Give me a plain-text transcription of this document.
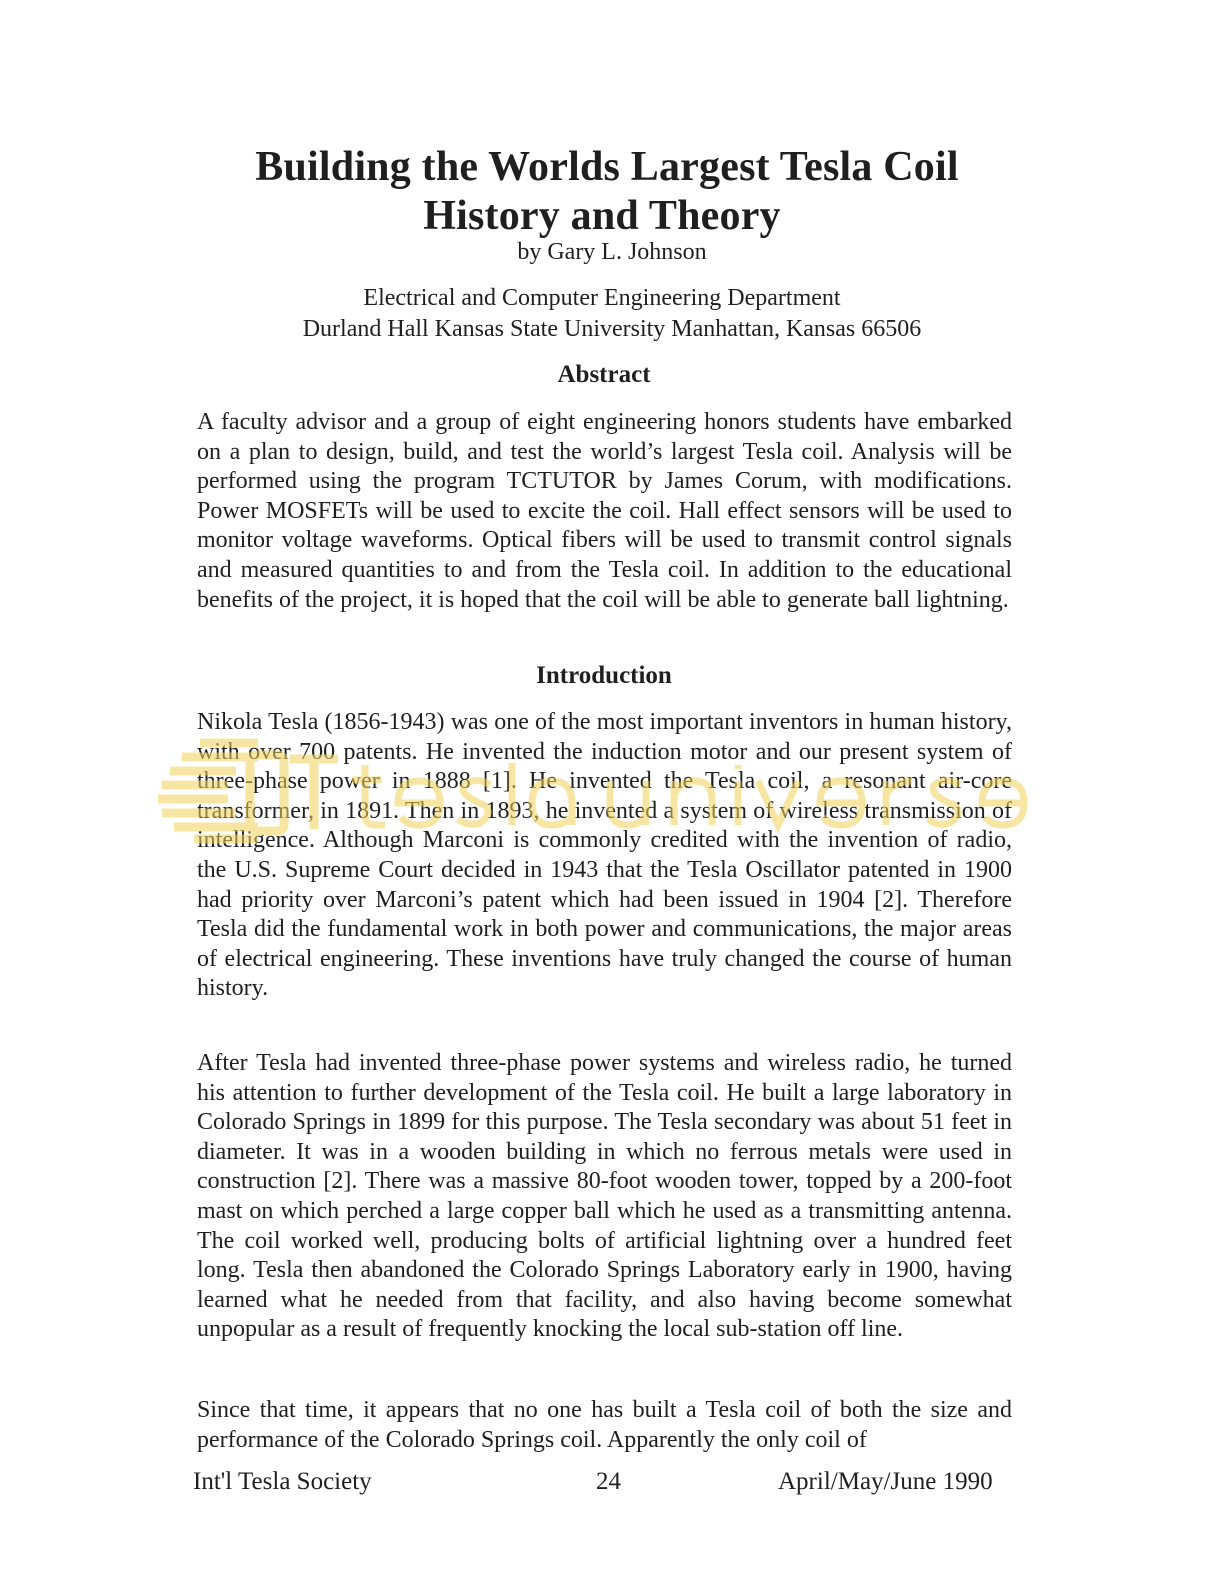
Building the Worlds Largest Tesla Coil
History and Theory

by Gary L. Johnson

Electrical and Computer Engineering Department

Durland Hall Kansas State University Manhattan, Kansas 66506

Abstract

A faculty advisor and a group of eight engineering honors students have embarked on a plan to design, build, and test the world’s largest Tesla coil. Analysis will be performed using the program TCTUTOR by James Corum, with modifications. Power MOSFETs will be used to excite the coil. Hall effect sensors will be used to monitor voltage waveforms. Optical fibers will be used to transmit control signals and measured quantities to and from the Tesla coil. In addition to the educational benefits of the project, it is hoped that the coil will be able to generate ball lightning.

Introduction

Nikola Tesla (1856-1943) was one of the most important inventors in human history, with over 700 patents. He invented the induction motor and our present system of three-phase power in 1888 [1]. He invented the Tesla coil, a resonant air-core transformer, in 1891. Then in 1893, he invented a system of wireless transmission of intelligence. Although Marconi is commonly credited with the invention of radio, the U.S. Supreme Court decided in 1943 that the Tesla Oscillator patented in 1900 had priority over Marconi’s patent which had been issued in 1904 [2]. Therefore Tesla did the fundamental work in both power and communications, the major areas of electrical engineering. These inventions have truly changed the course of human history.

After Tesla had invented three-phase power systems and wireless radio, he turned his attention to further development of the Tesla coil. He built a large laboratory in Colorado Springs in 1899 for this purpose. The Tesla secondary was about 51 feet in diameter. It was in a wooden building in which no ferrous metals were used in construction [2]. There was a massive 80-foot wooden tower, topped by a 200-foot mast on which perched a large copper ball which he used as a transmitting antenna. The coil worked well, producing bolts of artificial lightning over a hundred feet long. Tesla then abandoned the Colorado Springs Laboratory early in 1900, having learned what he needed from that facility, and also having become somewhat unpopular as a result of frequently knocking the local sub-station off line.

Since that time, it appears that no one has built a Tesla coil of both the size and performance of the Colorado Springs coil. Apparently the only coil of

Int'l Tesla Society	24	April/May/June 1990
